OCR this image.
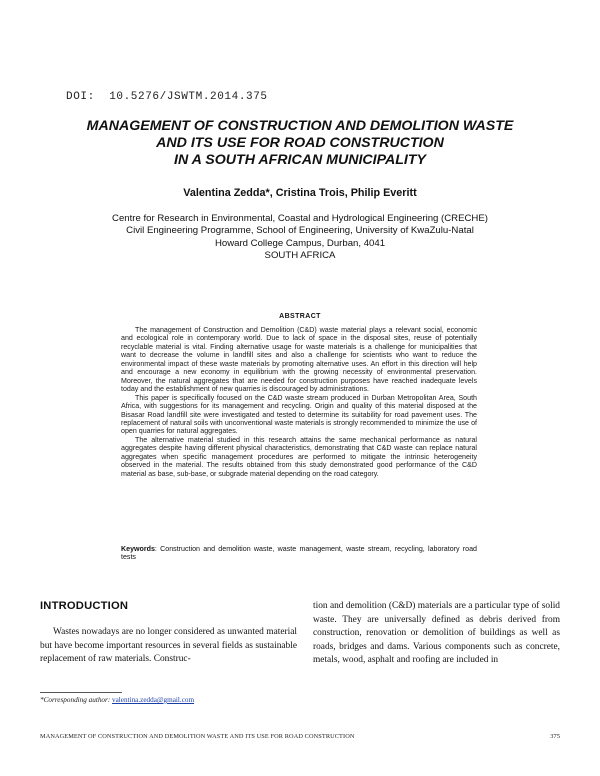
DOI:  10.5276/JSWTM.2014.375
MANAGEMENT OF CONSTRUCTION AND DEMOLITION WASTE
AND ITS USE FOR ROAD CONSTRUCTION
IN A SOUTH AFRICAN MUNICIPALITY
Valentina Zedda*, Cristina Trois, Philip Everitt
Centre for Research in Environmental, Coastal and Hydrological Engineering (CRECHE)
Civil Engineering Programme, School of Engineering, University of KwaZulu-Natal
Howard College Campus, Durban, 4041
SOUTH AFRICA
ABSTRACT

The management of Construction and Demolition (C&D) waste material plays a relevant social, economic and ecological role in contemporary world. Due to lack of space in the disposal sites, reuse of potentially recyclable material is vital. Finding alternative usage for waste materials is a challenge for municipalities that want to decrease the volume in landfill sites and also a challenge for scientists who want to reduce the environmental impact of these waste materials by promoting alternative uses. An effort in this direction will help and encourage a new economy in equilibrium with the growing necessity of environmental preservation. Moreover, the natural aggregates that are needed for construction purposes have reached inadequate levels today and the establishment of new quarries is discouraged by administrations.

This paper is specifically focused on the C&D waste stream produced in Durban Metropolitan Area, South Africa, with suggestions for its management and recycling. Origin and quality of this material disposed at the Bisasar Road landfill site were investigated and tested to determine its suitability for road pavement uses. The replacement of natural soils with unconventional waste materials is strongly recommended to minimize the use of open quarries for natural aggregates.

The alternative material studied in this research attains the same mechanical performance as natural aggregates despite having different physical characteristics, demonstrating that C&D waste can replace natural aggregates when specific management procedures are performed to mitigate the intrinsic heterogeneity observed in the material. The results obtained from this study demonstrated good performance of the C&D material as base, sub-base, or subgrade material depending on the road category.

Keywords: Construction and demolition waste, waste management, waste stream, recycling, laboratory road tests
INTRODUCTION

Wastes nowadays are no longer considered as unwanted material but have become important resources in several fields as sustainable replacement of raw materials. Construc-

tion and demolition (C&D) materials are a particular type of solid waste. They are universally defined as debris derived from construction, renovation or demolition of buildings as well as roads, bridges and dams. Various components such as concrete, metals, wood, asphalt and roofing are included in

*Corresponding author: valentina.zedda@gmail.com
MANAGEMENT OF CONSTRUCTION AND DEMOLITION WASTE AND ITS USE FOR ROAD CONSTRUCTION	375
